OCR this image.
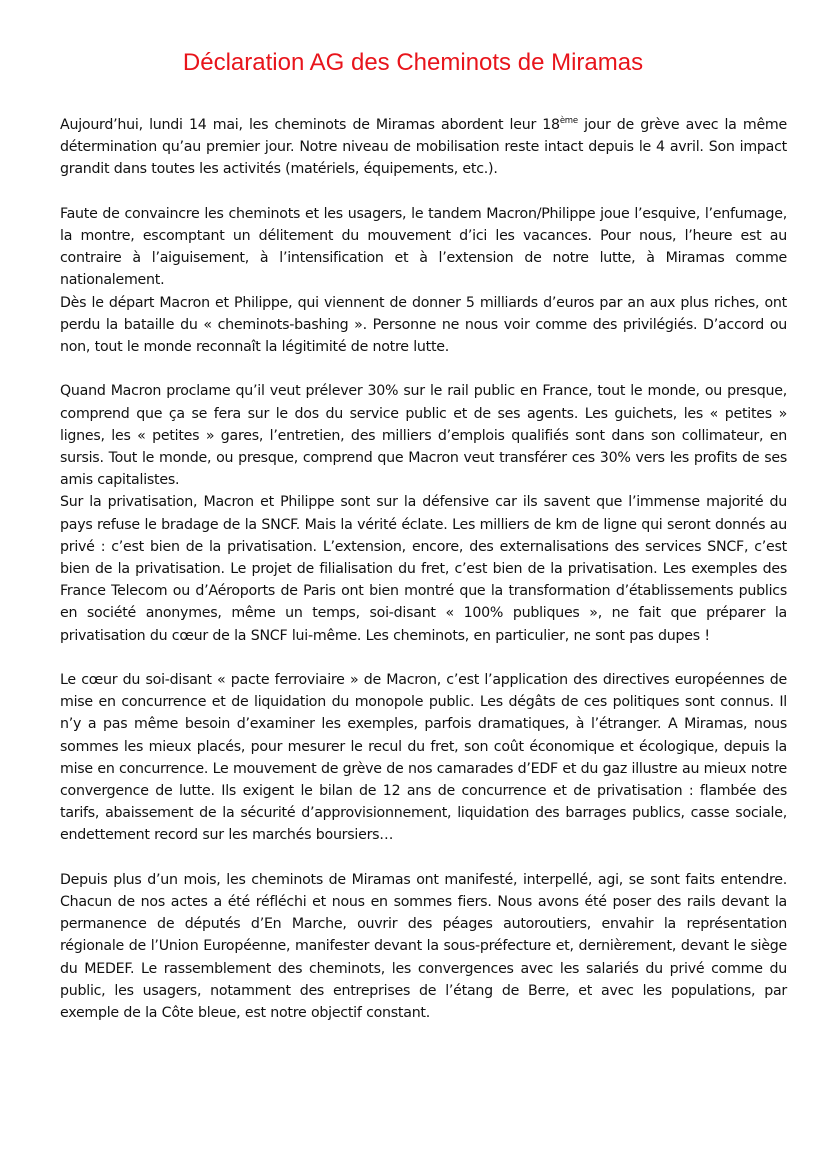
Déclaration AG des Cheminots de Miramas

Aujourd’hui, lundi 14 mai, les cheminots de Miramas abordent leur 18ème jour de grève avec la même détermination qu’au premier jour. Notre niveau de mobilisation reste intact depuis le 4 avril. Son impact grandit dans toutes les activités (matériels, équipements, etc.).

Faute de convaincre les cheminots et les usagers, le tandem Macron/Philippe joue l’esquive, l’enfumage, la montre, escomptant un délitement du mouvement d’ici les vacances. Pour nous, l’heure est au contraire à l’aiguisement, à l’intensification et à l’extension de notre lutte, à Miramas comme nationalement.

Dès le départ Macron et Philippe, qui viennent de donner 5 milliards d’euros par an aux plus riches, ont perdu la bataille du « cheminots-bashing ». Personne ne nous voir comme des privilégiés. D’accord ou non, tout le monde reconnaît la légitimité de notre lutte.

Quand Macron proclame qu’il veut prélever 30% sur le rail public en France, tout le monde, ou presque, comprend que ça se fera sur le dos du service public et de ses agents. Les guichets, les « petites » lignes, les « petites » gares, l’entretien, des milliers d’emplois qualifiés sont dans son collimateur, en sursis. Tout le monde, ou presque, comprend que Macron veut transférer ces 30% vers les profits de ses amis capitalistes.

Sur la privatisation, Macron et Philippe sont sur la défensive car ils savent que l’immense majorité du pays refuse le bradage de la SNCF. Mais la vérité éclate. Les milliers de km de ligne qui seront donnés au privé : c’est bien de la privatisation. L’extension, encore, des externalisations des services SNCF, c’est bien de la privatisation. Le projet de filialisation du fret, c’est bien de la privatisation. Les exemples des France Telecom ou d’Aéroports de Paris ont bien montré que la transformation d’établissements publics en société anonymes, même un temps, soi-disant « 100% publiques », ne fait que préparer la privatisation du cœur de la SNCF lui-même. Les cheminots, en particulier, ne sont pas dupes !

Le cœur du soi-disant « pacte ferroviaire » de Macron, c’est l’application des directives européennes de mise en concurrence et de liquidation du monopole public. Les dégâts de ces politiques sont connus. Il n’y a pas même besoin d’examiner les exemples, parfois dramatiques, à l’étranger. A Miramas, nous sommes les mieux placés, pour mesurer le recul du fret, son coût économique et écologique, depuis la mise en concurrence. Le mouvement de grève de nos camarades d’EDF et du gaz illustre au mieux notre convergence de lutte. Ils exigent le bilan de 12 ans de concurrence et de privatisation : flambée des tarifs, abaissement de la sécurité d’approvisionnement, liquidation des barrages publics, casse sociale, endettement record sur les marchés boursiers…

Depuis plus d’un mois, les cheminots de Miramas ont manifesté, interpellé, agi, se sont faits entendre. Chacun de nos actes a été réfléchi et nous en sommes fiers. Nous avons été poser des rails devant la permanence de députés d’En Marche, ouvrir des péages autoroutiers, envahir la représentation régionale de l’Union Européenne, manifester devant la sous-préfecture et, dernièrement, devant le siège du MEDEF. Le rassemblement des cheminots, les convergences avec les salariés du privé comme du public, les usagers, notamment des entreprises de l’étang de Berre, et avec les populations, par exemple de la Côte bleue, est notre objectif constant.
